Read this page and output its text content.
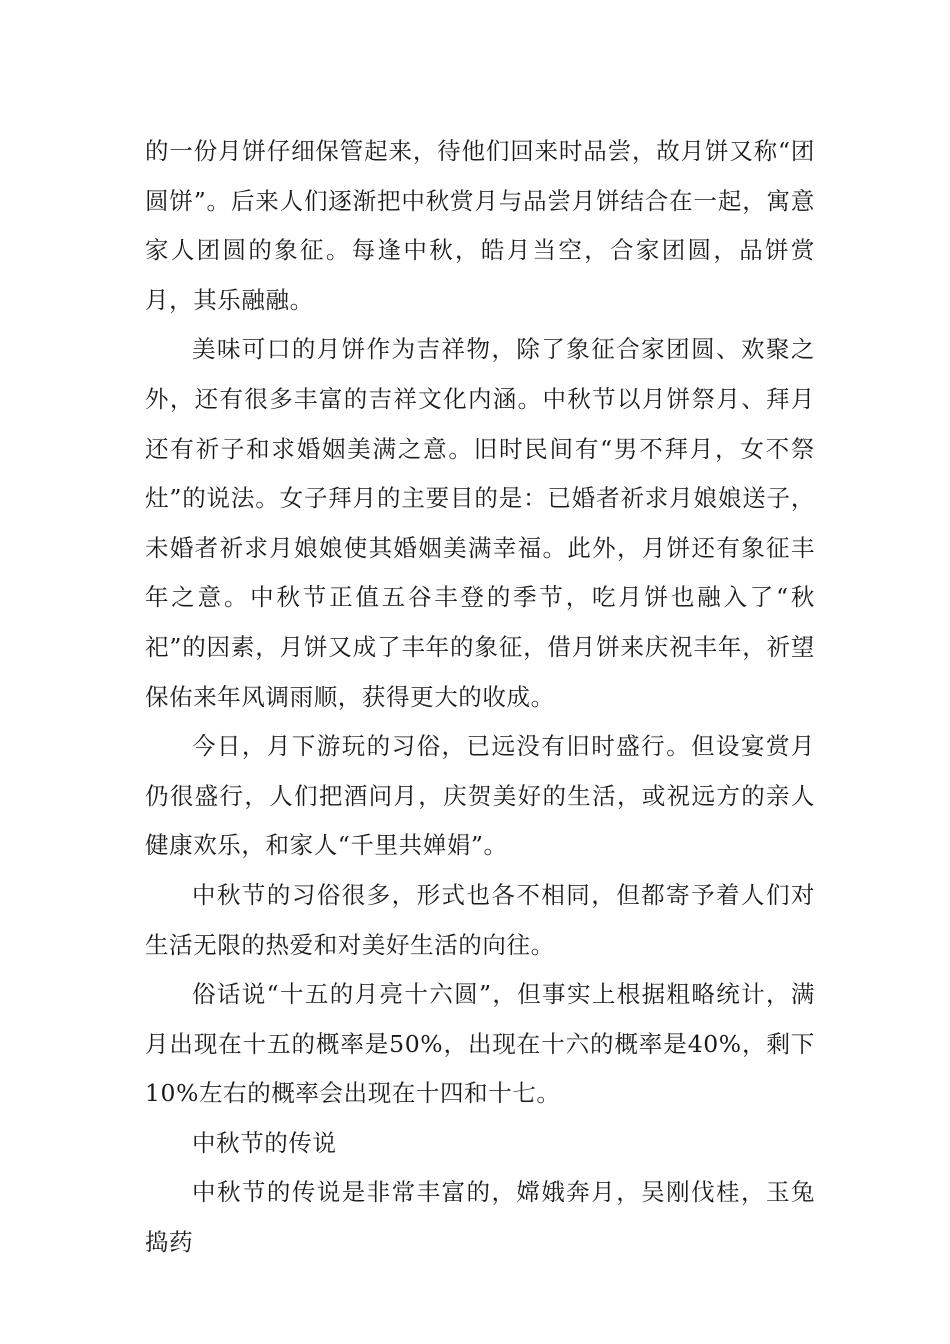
的一份月饼仔细保管起来，待他们回来时品尝，故月饼又称“团圆饼”。后来人们逐渐把中秋赏月与品尝月饼结合在一起，寓意家人团圆的象征。每逢中秋，皓月当空，合家团圆，品饼赏月，其乐融融。

美味可口的月饼作为吉祥物，除了象征合家团圆、欢聚之外，还有很多丰富的吉祥文化内涵。中秋节以月饼祭月、拜月还有祈子和求婚姻美满之意。旧时民间有“男不拜月，女不祭灶”的说法。女子拜月的主要目的是：已婚者祈求月娘娘送子，未婚者祈求月娘娘使其婚姻美满幸福。此外，月饼还有象征丰年之意。中秋节正值五谷丰登的季节，吃月饼也融入了“秋祀”的因素，月饼又成了丰年的象征，借月饼来庆祝丰年，祈望保佑来年风调雨顺，获得更大的收成。

今日，月下游玩的习俗，已远没有旧时盛行。但设宴赏月仍很盛行，人们把酒问月，庆贺美好的生活，或祝远方的亲人健康欢乐，和家人“千里共婵娟”。

中秋节的习俗很多，形式也各不相同，但都寄予着人们对生活无限的热爱和对美好生活的向往。

俗话说“十五的月亮十六圆”，但事实上根据粗略统计，满月出现在十五的概率是50%，出现在十六的概率是40%，剩下10%左右的概率会出现在十四和十七。

中秋节的传说

中秋节的传说是非常丰富的，嫦娥奔月，吴刚伐桂，玉兔捣药
